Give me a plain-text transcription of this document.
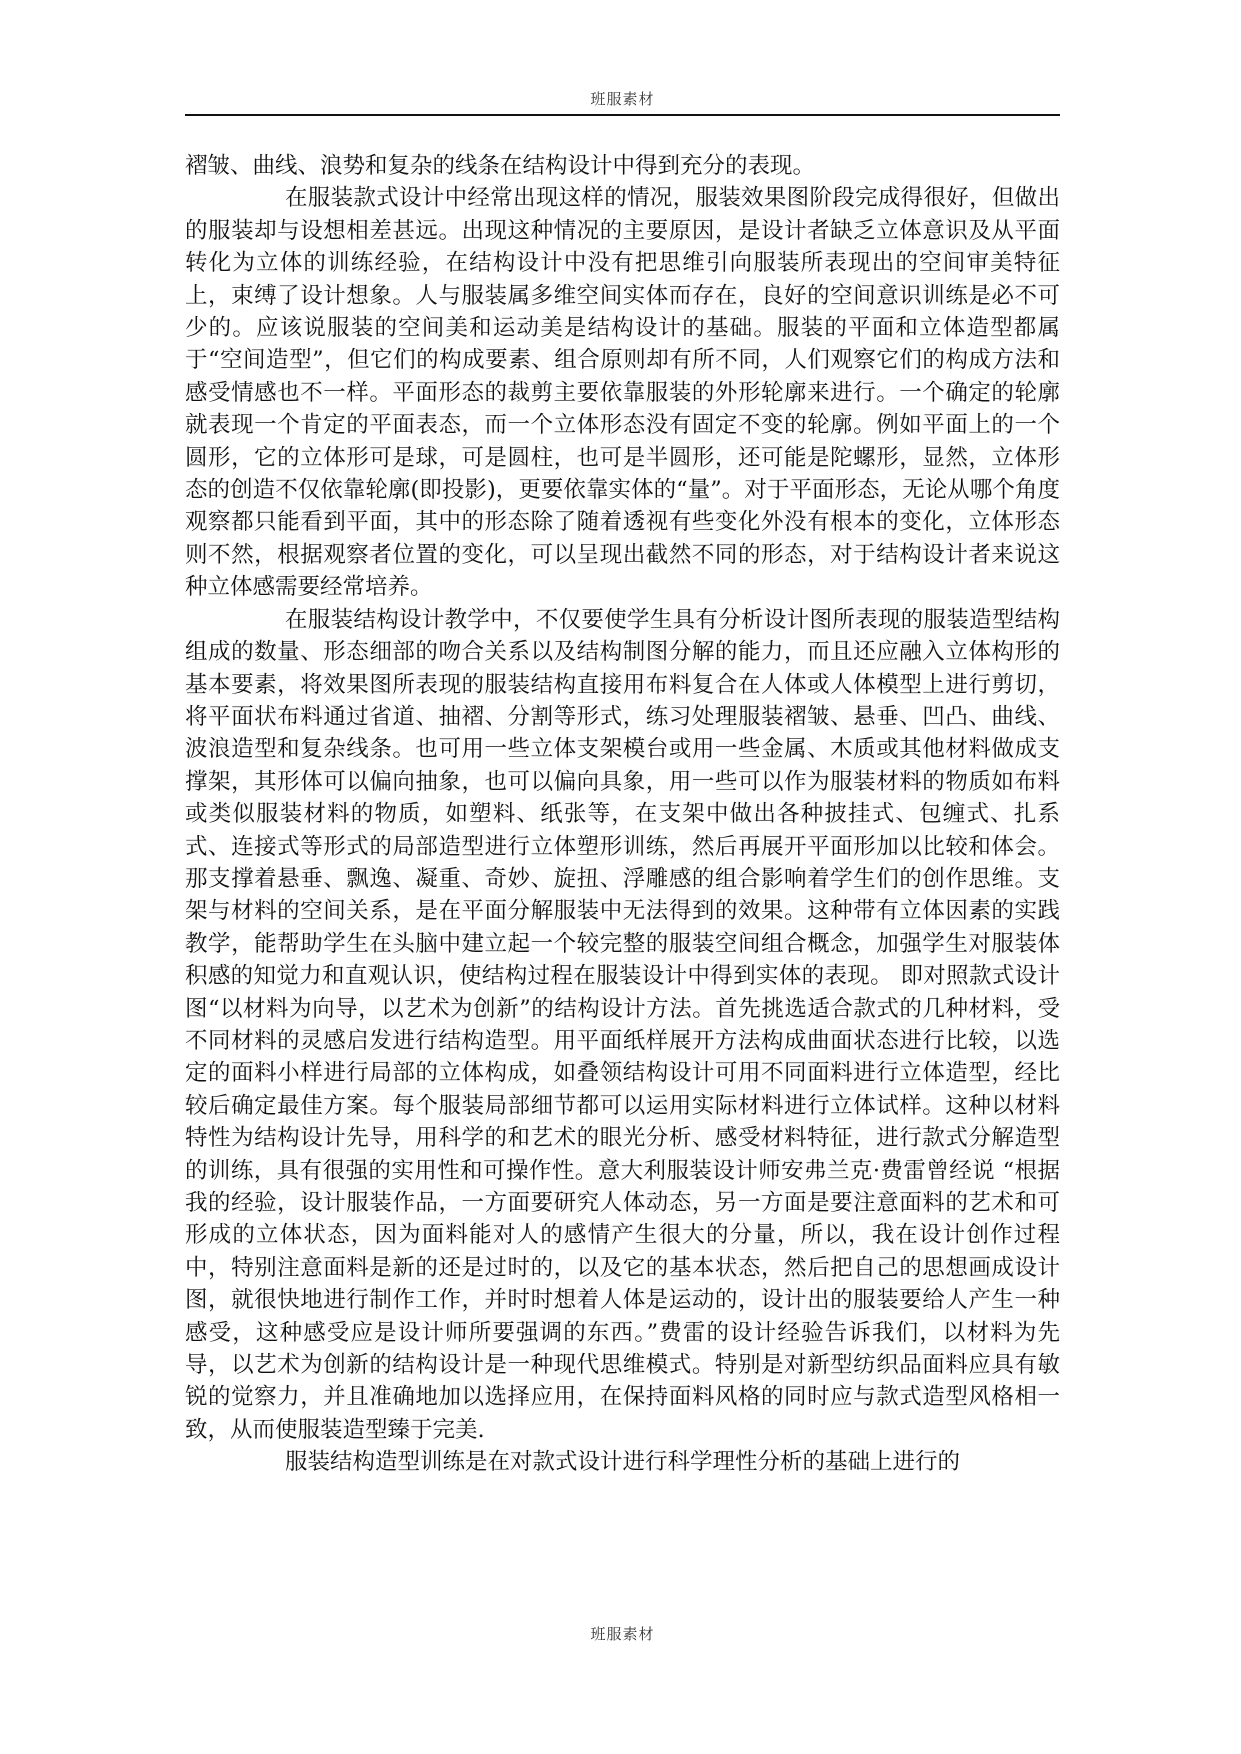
班服素材

褶皱、曲线、浪势和复杂的线条在结构设计中得到充分的表现。

在服装款式设计中经常出现这样的情况，服装效果图阶段完成得很好，但做出的服装却与设想相差甚远。出现这种情况的主要原因，是设计者缺乏立体意识及从平面转化为立体的训练经验，在结构设计中没有把思维引向服装所表现出的空间审美特征上，束缚了设计想象。人与服装属多维空间实体而存在，良好的空间意识训练是必不可少的。应该说服装的空间美和运动美是结构设计的基础。服装的平面和立体造型都属于“空间造型”，但它们的构成要素、组合原则却有所不同，人们观察它们的构成方法和感受情感也不一样。平面形态的裁剪主要依靠服装的外形轮廓来进行。一个确定的轮廓就表现一个肯定的平面表态，而一个立体形态没有固定不变的轮廓。例如平面上的一个圆形，它的立体形可是球，可是圆柱，也可是半圆形，还可能是陀螺形，显然，立体形态的创造不仅依靠轮廓(即投影)，更要依靠实体的“量”。对于平面形态，无论从哪个角度观察都只能看到平面，其中的形态除了随着透视有些变化外没有根本的变化，立体形态则不然，根据观察者位置的变化，可以呈现出截然不同的形态，对于结构设计者来说这种立体感需要经常培养。

在服装结构设计教学中，不仅要使学生具有分析设计图所表现的服装造型结构组成的数量、形态细部的吻合关系以及结构制图分解的能力，而且还应融入立体构形的基本要素，将效果图所表现的服装结构直接用布料复合在人体或人体模型上进行剪切，将平面状布料通过省道、抽褶、分割等形式，练习处理服装褶皱、悬垂、凹凸、曲线、波浪造型和复杂线条。也可用一些立体支架模台或用一些金属、木质或其他材料做成支撑架，其形体可以偏向抽象，也可以偏向具象，用一些可以作为服装材料的物质如布料或类似服装材料的物质，如塑料、纸张等，在支架中做出各种披挂式、包缠式、扎系式、连接式等形式的局部造型进行立体塑形训练，然后再展开平面形加以比较和体会。那支撑着悬垂、飘逸、凝重、奇妙、旋扭、浮雕感的组合影响着学生们的创作思维。支架与材料的空间关系，是在平面分解服装中无法得到的效果。这种带有立体因素的实践教学，能帮助学生在头脑中建立起一个较完整的服装空间组合概念，加强学生对服装体积感的知觉力和直观认识，使结构过程在服装设计中得到实体的表现。 即对照款式设计图“以材料为向导，以艺术为创新”的结构设计方法。首先挑选适合款式的几种材料，受不同材料的灵感启发进行结构造型。用平面纸样展开方法构成曲面状态进行比较，以选定的面料小样进行局部的立体构成，如叠领结构设计可用不同面料进行立体造型，经比较后确定最佳方案。每个服装局部细节都可以运用实际材料进行立体试样。这种以材料特性为结构设计先导，用科学的和艺术的眼光分析、感受材料特征，进行款式分解造型的训练，具有很强的实用性和可操作性。意大利服装设计师安弗兰克·费雷曾经说 “根据我的经验，设计服装作品，一方面要研究人体动态，另一方面是要注意面料的艺术和可形成的立体状态，因为面料能对人的感情产生很大的分量，所以，我在设计创作过程中，特别注意面料是新的还是过时的，以及它的基本状态，然后把自己的思想画成设计图，就很快地进行制作工作，并时时想着人体是运动的，设计出的服装要给人产生一种感受，这种感受应是设计师所要强调的东西。”费雷的设计经验告诉我们，以材料为先导，以艺术为创新的结构设计是一种现代思维模式。特别是对新型纺织品面料应具有敏锐的觉察力，并且准确地加以选择应用，在保持面料风格的同时应与款式造型风格相一致，从而使服装造型臻于完美.

服装结构造型训练是在对款式设计进行科学理性分析的基础上进行的

班服素材
